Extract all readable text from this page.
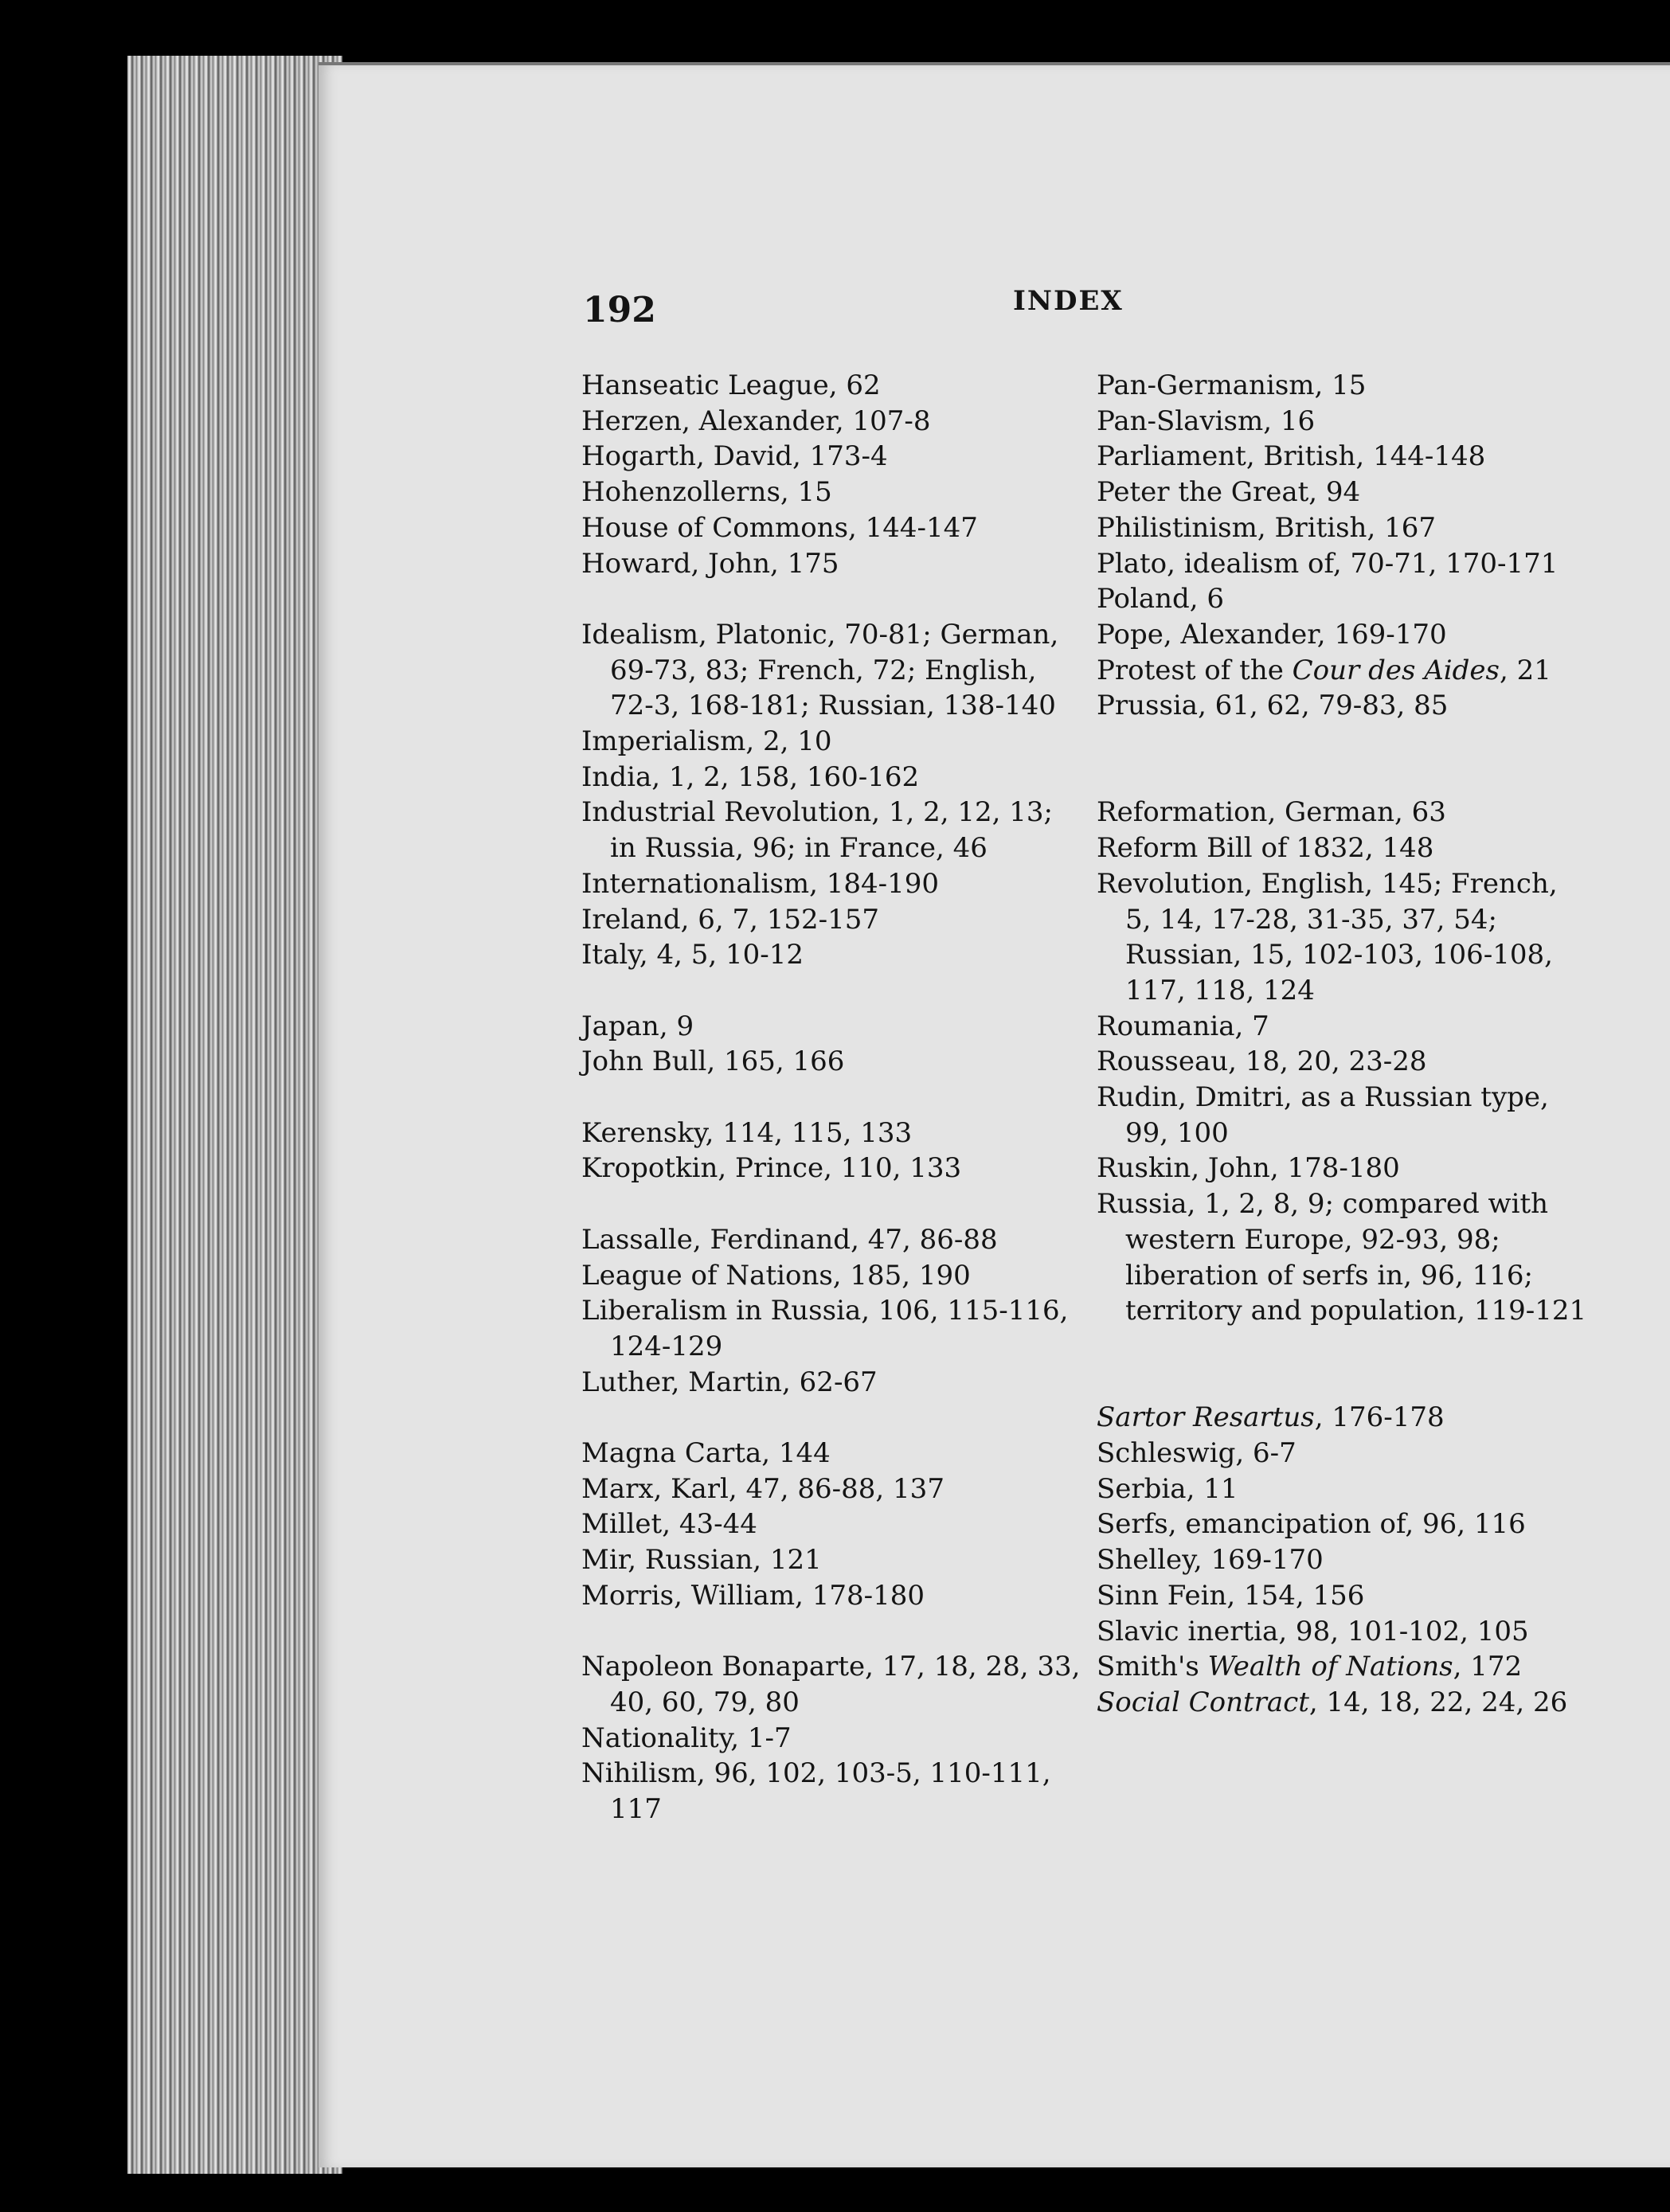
192	INDEX

Hanseatic League, 62

Herzen, Alexander, 107-8

Hogarth, David, 173-4

Hohenzollerns, 15

House of Commons, 144-147

Howard, John, 175

Idealism, Platonic, 70-81; German, 69-73, 83; French, 72; English, 72-3, 168-181; Russian, 138-140

Imperialism, 2, 10

India, 1, 2, 158, 160-162

Industrial Revolution, 1, 2, 12, 13; in Russia, 96; in France, 46

Internationalism, 184-190

Ireland, 6, 7, 152-157

Italy, 4, 5, 10-12

Japan, 9

John Bull, 165, 166

Kerensky, 114, 115, 133

Kropotkin, Prince, 110, 133

Lassalle, Ferdinand, 47, 86-88

League of Nations, 185, 190

Liberalism in Russia, 106, 115-116, 124-129

Luther, Martin, 62-67

Magna Carta, 144

Marx, Karl, 47, 86-88, 137

Millet, 43-44

Mir, Russian, 121

Morris, William, 178-180

Napoleon Bonaparte, 17, 18, 28, 33, 40, 60, 79, 80

Nationality, 1-7

Nihilism, 96, 102, 103-5, 110-111, 117

Pan-Germanism, 15

Pan-Slavism, 16

Parliament, British, 144-148

Peter the Great, 94

Philistinism, British, 167

Plato, idealism of, 70-71, 170-171

Poland, 6

Pope, Alexander, 169-170

Protest of the Cour des Aides, 21

Prussia, 61, 62, 79-83, 85

Reformation, German, 63

Reform Bill of 1832, 148

Revolution, English, 145; French, 5, 14, 17-28, 31-35, 37, 54; Russian, 15, 102-103, 106-108, 117, 118, 124

Roumania, 7

Rousseau, 18, 20, 23-28

Rudin, Dmitri, as a Russian type, 99, 100

Ruskin, John, 178-180

Russia, 1, 2, 8, 9; compared with western Europe, 92-93, 98; liberation of serfs in, 96, 116; territory and population, 119-121

Sartor Resartus, 176-178

Schleswig, 6-7

Serbia, 11

Serfs, emancipation of, 96, 116

Shelley, 169-170

Sinn Fein, 154, 156

Slavic inertia, 98, 101-102, 105

Smith's Wealth of Nations, 172

Social Contract, 14, 18, 22, 24, 26
